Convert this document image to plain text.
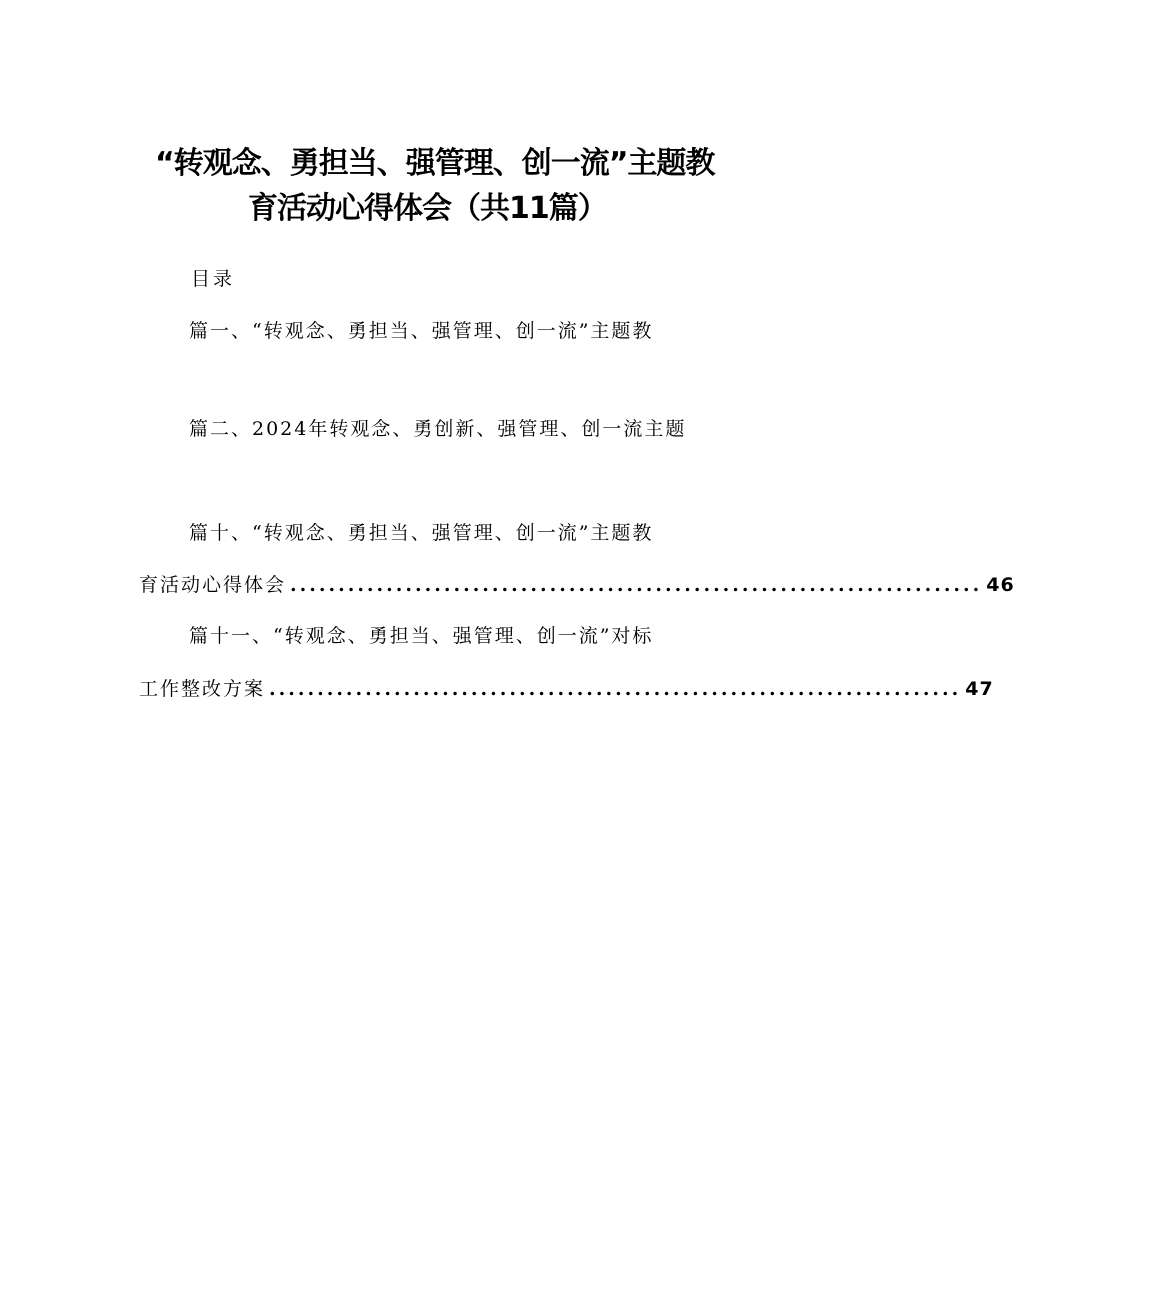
“转观念、勇担当、强管理、创一流”主题教
育活动心得体会（共11篇）
目录
篇一、“转观念、勇担当、强管理、创一流”主题教
篇二、2024年转观念、勇创新、强管理、创一流主题
篇十、“转观念、勇担当、强管理、创一流”主题教
育活动心得体会 ........................................................................ 46
篇十一、“转观念、勇担当、强管理、创一流”对标
工作整改方案 ........................................................................ 47
